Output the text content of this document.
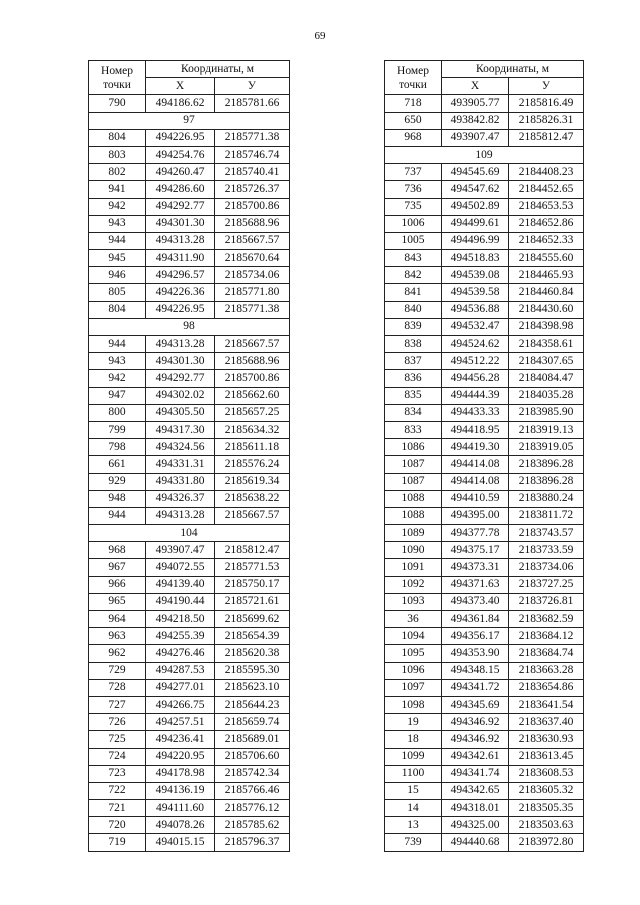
69
Номер
точки	Координаты, м	
	X	У
790	494186.62	2185781.66
97		
804	494226.95	2185771.38
803	494254.76	2185746.74
802	494260.47	2185740.41
941	494286.60	2185726.37
942	494292.77	2185700.86
943	494301.30	2185688.96
944	494313.28	2185667.57
945	494311.90	2185670.64
946	494296.57	2185734.06
805	494226.36	2185771.80
804	494226.95	2185771.38
98		
944	494313.28	2185667.57
943	494301.30	2185688.96
942	494292.77	2185700.86
947	494302.02	2185662.60
800	494305.50	2185657.25
799	494317.30	2185634.32
798	494324.56	2185611.18
661	494331.31	2185576.24
929	494331.80	2185619.34
948	494326.37	2185638.22
944	494313.28	2185667.57
104		
968	493907.47	2185812.47
967	494072.55	2185771.53
966	494139.40	2185750.17
965	494190.44	2185721.61
964	494218.50	2185699.62
963	494255.39	2185654.39
962	494276.46	2185620.38
729	494287.53	2185595.30
728	494277.01	2185623.10
727	494266.75	2185644.23
726	494257.51	2185659.74
725	494236.41	2185689.01
724	494220.95	2185706.60
723	494178.98	2185742.34
722	494136.19	2185766.46
721	494111.60	2185776.12
720	494078.26	2185785.62
719	494015.15	2185796.37
Номер
точки	Координаты, м	
	X	У
718	493905.77	2185816.49
650	493842.82	2185826.31
968	493907.47	2185812.47
109		
737	494545.69	2184408.23
736	494547.62	2184452.65
735	494502.89	2184653.53
1006	494499.61	2184652.86
1005	494496.99	2184652.33
843	494518.83	2184555.60
842	494539.08	2184465.93
841	494539.58	2184460.84
840	494536.88	2184430.60
839	494532.47	2184398.98
838	494524.62	2184358.61
837	494512.22	2184307.65
836	494456.28	2184084.47
835	494444.39	2184035.28
834	494433.33	2183985.90
833	494418.95	2183919.13
1086	494419.30	2183919.05
1087	494414.08	2183896.28
1087	494414.08	2183896.28
1088	494410.59	2183880.24
1088	494395.00	2183811.72
1089	494377.78	2183743.57
1090	494375.17	2183733.59
1091	494373.31	2183734.06
1092	494371.63	2183727.25
1093	494373.40	2183726.81
36	494361.84	2183682.59
1094	494356.17	2183684.12
1095	494353.90	2183684.74
1096	494348.15	2183663.28
1097	494341.72	2183654.86
1098	494345.69	2183641.54
19	494346.92	2183637.40
18	494346.92	2183630.93
1099	494342.61	2183613.45
1100	494341.74	2183608.53
15	494342.65	2183605.32
14	494318.01	2183505.35
13	494325.00	2183503.63
739	494440.68	2183972.80
